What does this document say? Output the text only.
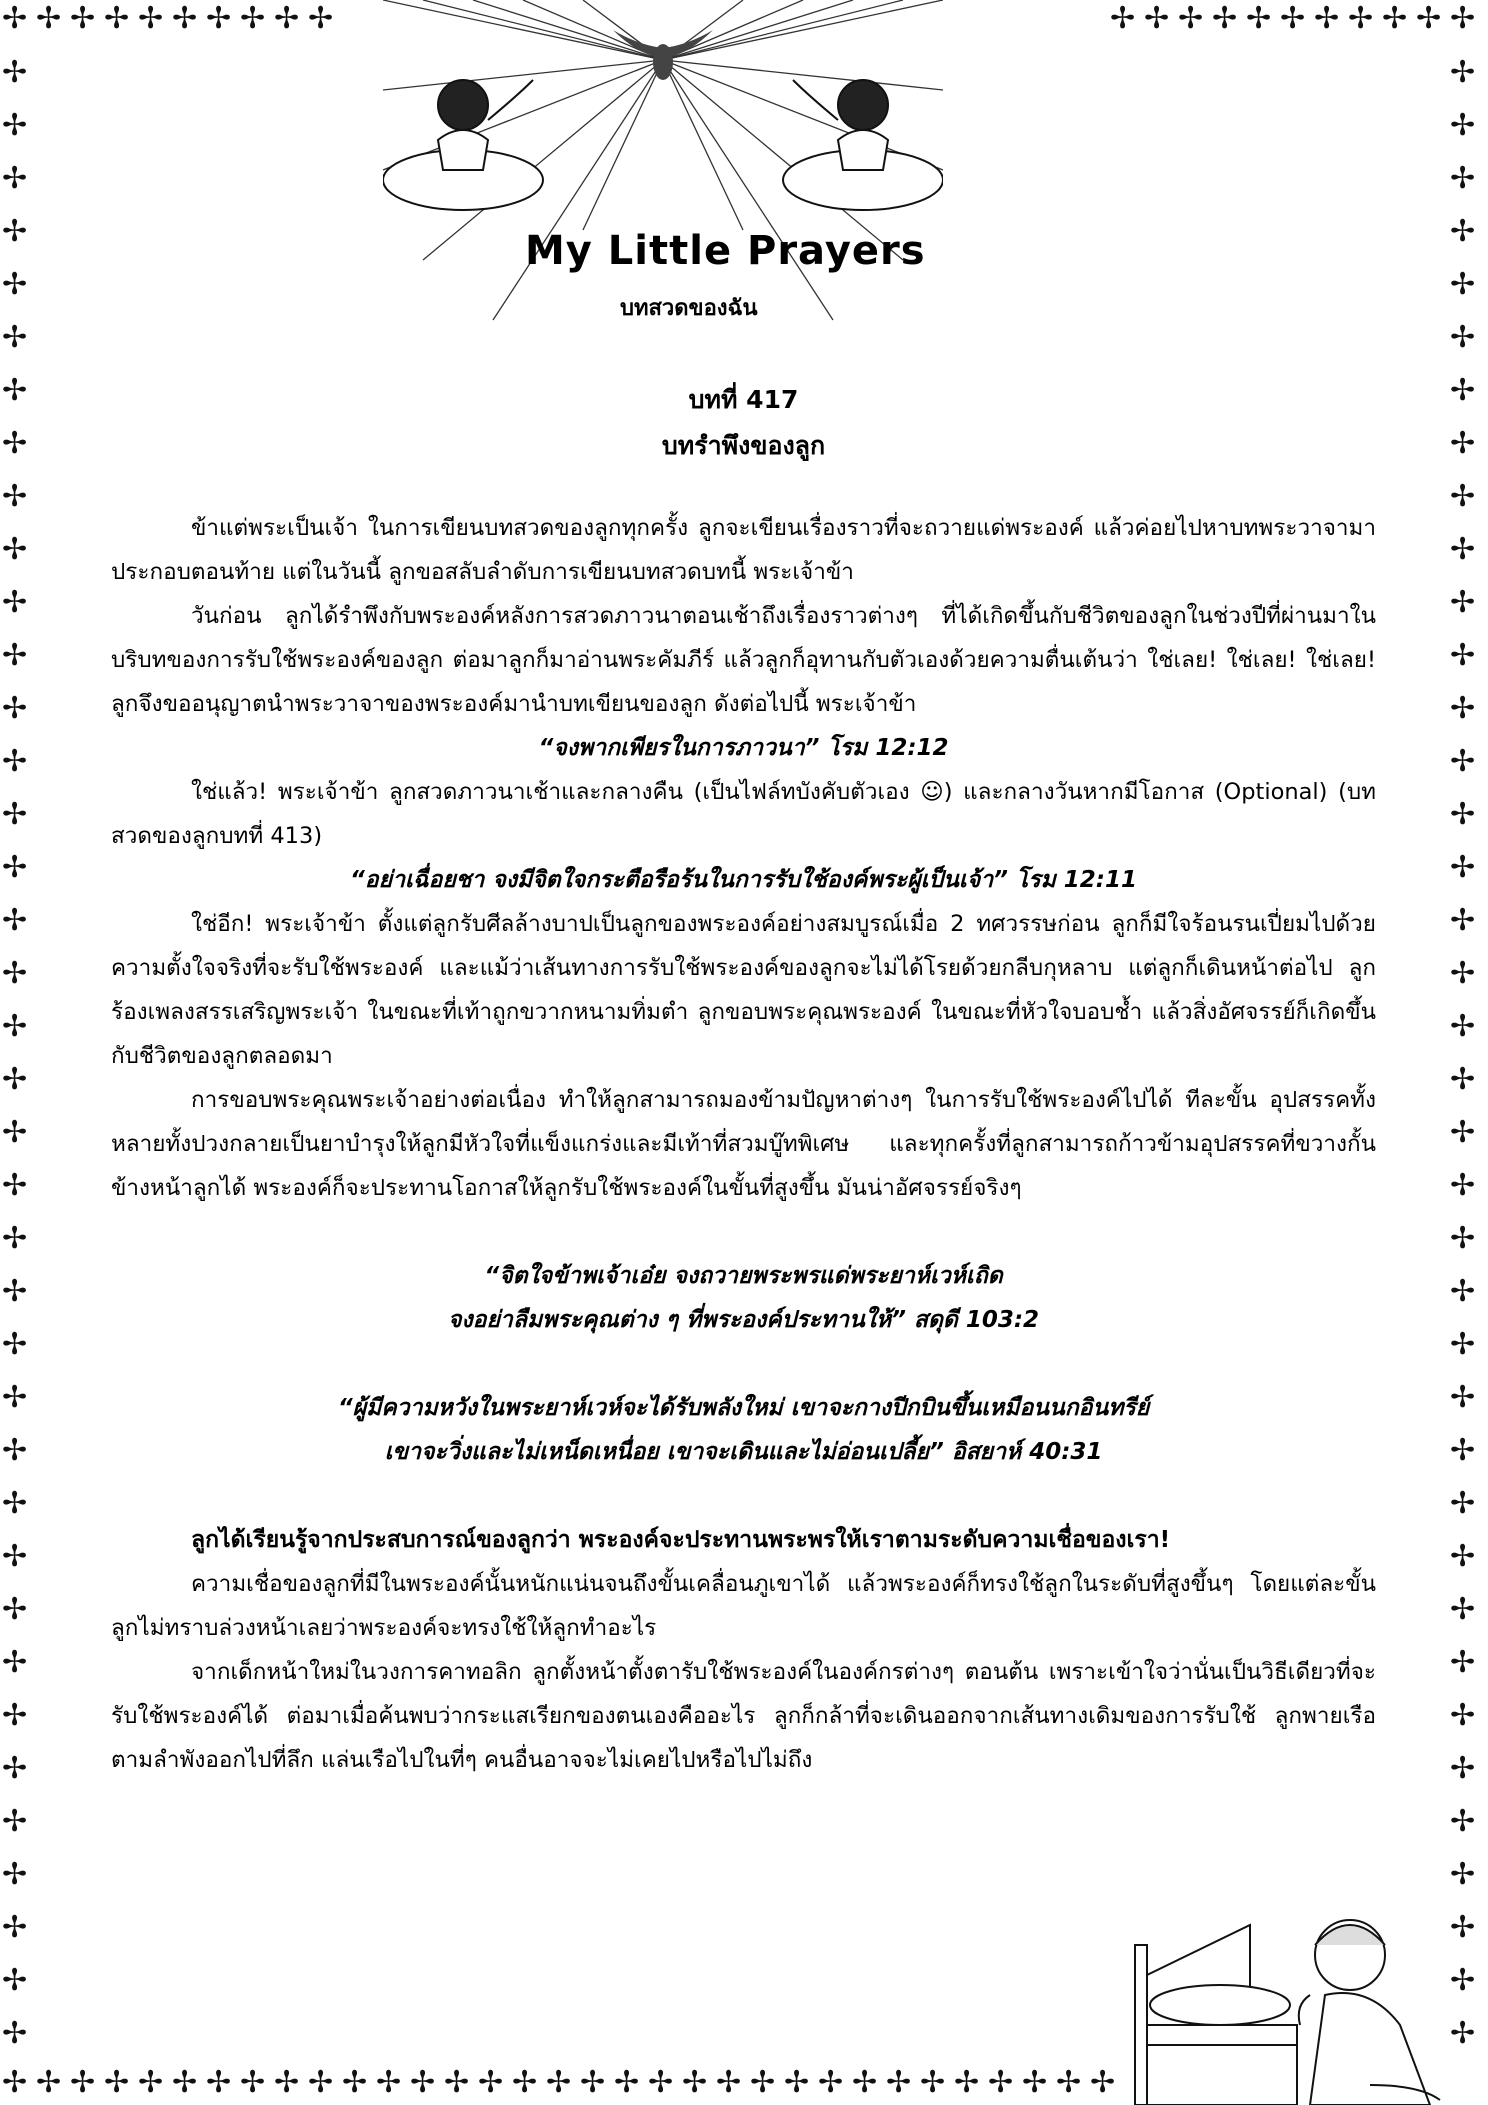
✢ ✢ ✢ ✢ ✢ ✢ ✢ ✢ ✢ ✢	✢ ✢ ✢ ✢ ✢ ✢ ✢ ✢ ✢ ✢ ✢
✢	✢
✢	✢
✢	✢
✢	✢
✢	✢
✢	✢
✢	✢
✢	✢
✢	✢
✢	✢
✢	✢
✢	✢
✢	✢
✢	✢
✢	✢
✢	✢
✢	✢
✢	✢
✢	✢
✢	✢
✢	✢
✢	✢
✢	✢
✢	✢
✢	✢
✢	✢
✢	✢
✢	✢
✢	✢
✢	✢
✢	✢
✢	✢
✢	✢
✢	✢
✢	✢
✢	✢
✢	✢
✢	✢
✢ ✢ ✢ ✢ ✢ ✢ ✢ ✢ ✢ ✢ ✢ ✢ ✢ ✢ ✢ ✢ ✢ ✢ ✢ ✢ ✢ ✢ ✢ ✢ ✢ ✢ ✢ ✢ ✢ ✢ ✢ ✢ ✢
My Little Prayers
บทสวดของฉัน
บทที่ 417
บทรำพึงของลูก

ข้าแต่พระเป็นเจ้า ในการเขียนบทสวดของลูกทุกครั้ง ลูกจะเขียนเรื่องราวที่จะถวายแด่พระองค์ แล้วค่อยไปหาบทพระวาจามาประกอบตอนท้าย แต่ในวันนี้ ลูกขอสลับลำดับการเขียนบทสวดบทนี้ พระเจ้าข้า

วันก่อน ลูกได้รำพึงกับพระองค์หลังการสวดภาวนาตอนเช้าถึงเรื่องราวต่างๆ ที่ได้เกิดขึ้นกับชีวิตของลูกในช่วงปีที่ผ่านมาในบริบทของการรับใช้พระองค์ของลูก ต่อมาลูกก็มาอ่านพระคัมภีร์ แล้วลูกก็อุทานกับตัวเองด้วยความตื่นเต้นว่า ใช่เลย! ใช่เลย! ใช่เลย! ลูกจึงขออนุญาตนำพระวาจาของพระองค์มานำบทเขียนของลูก ดังต่อไปนี้ พระเจ้าข้า

“จงพากเพียรในการภาวนา” โรม 12:12

ใช่แล้ว! พระเจ้าข้า ลูกสวดภาวนาเช้าและกลางคืน (เป็นไฟล์ทบังคับตัวเอง ☺) และกลางวันหากมีโอกาส (Optional) (บทสวดของลูกบทที่ 413)

“อย่าเฉื่อยชา จงมีจิตใจกระตือรือร้นในการรับใช้องค์พระผู้เป็นเจ้า” โรม 12:11

ใช่อีก! พระเจ้าข้า ตั้งแต่ลูกรับศีลล้างบาปเป็นลูกของพระองค์อย่างสมบูรณ์เมื่อ 2 ทศวรรษก่อน ลูกก็มีใจร้อนรนเปี่ยมไปด้วยความตั้งใจจริงที่จะรับใช้พระองค์ และแม้ว่าเส้นทางการรับใช้พระองค์ของลูกจะไม่ได้โรยด้วยกลีบกุหลาบ แต่ลูกก็เดินหน้าต่อไป ลูกร้องเพลงสรรเสริญพระเจ้า ในขณะที่เท้าถูกขวากหนามทิ่มตำ ลูกขอบพระคุณพระองค์ ในขณะที่หัวใจบอบช้ำ แล้วสิ่งอัศจรรย์ก็เกิดขึ้นกับชีวิตของลูกตลอดมา

การขอบพระคุณพระเจ้าอย่างต่อเนื่อง ทำให้ลูกสามารถมองข้ามปัญหาต่างๆ ในการรับใช้พระองค์ไปได้ ทีละขั้น อุปสรรคทั้งหลายทั้งปวงกลายเป็นยาบำรุงให้ลูกมีหัวใจที่แข็งแกร่งและมีเท้าที่สวมบู๊ทพิเศษ และทุกครั้งที่ลูกสามารถก้าวข้ามอุปสรรคที่ขวางกั้นข้างหน้าลูกได้ พระองค์ก็จะประทานโอกาสให้ลูกรับใช้พระองค์ในขั้นที่สูงขึ้น มันน่าอัศจรรย์จริงๆ

“จิตใจข้าพเจ้าเอ๋ย จงถวายพระพรแด่พระยาห์เวห์เถิด
จงอย่าลืมพระคุณต่าง ๆ ที่พระองค์ประทานให้” สดุดี 103:2
“ผู้มีความหวังในพระยาห์เวห์จะได้รับพลังใหม่ เขาจะกางปีกบินขึ้นเหมือนนกอินทรีย์
เขาจะวิ่งและไม่เหน็ดเหนื่อย เขาจะเดินและไม่อ่อนเปลี้ย” อิสยาห์ 40:31
ลูกได้เรียนรู้จากประสบการณ์ของลูกว่า พระองค์จะประทานพระพรให้เราตามระดับความเชื่อของเรา!

ความเชื่อของลูกที่มีในพระองค์นั้นหนักแน่นจนถึงขั้นเคลื่อนภูเขาได้ แล้วพระองค์ก็ทรงใช้ลูกในระดับที่สูงขึ้นๆ โดยแต่ละขั้น ลูกไม่ทราบล่วงหน้าเลยว่าพระองค์จะทรงใช้ให้ลูกทำอะไร

จากเด็กหน้าใหม่ในวงการคาทอลิก ลูกตั้งหน้าตั้งตารับใช้พระองค์ในองค์กรต่างๆ ตอนต้น เพราะเข้าใจว่านั่นเป็นวิธีเดียวที่จะรับใช้พระองค์ได้ ต่อมาเมื่อค้นพบว่ากระแสเรียกของตนเองคืออะไร ลูกก็กล้าที่จะเดินออกจากเส้นทางเดิมของการรับใช้ ลูกพายเรือตามลำพังออกไปที่ลึก แล่นเรือไปในที่ๆ คนอื่นอาจจะไม่เคยไปหรือไปไม่ถึง
